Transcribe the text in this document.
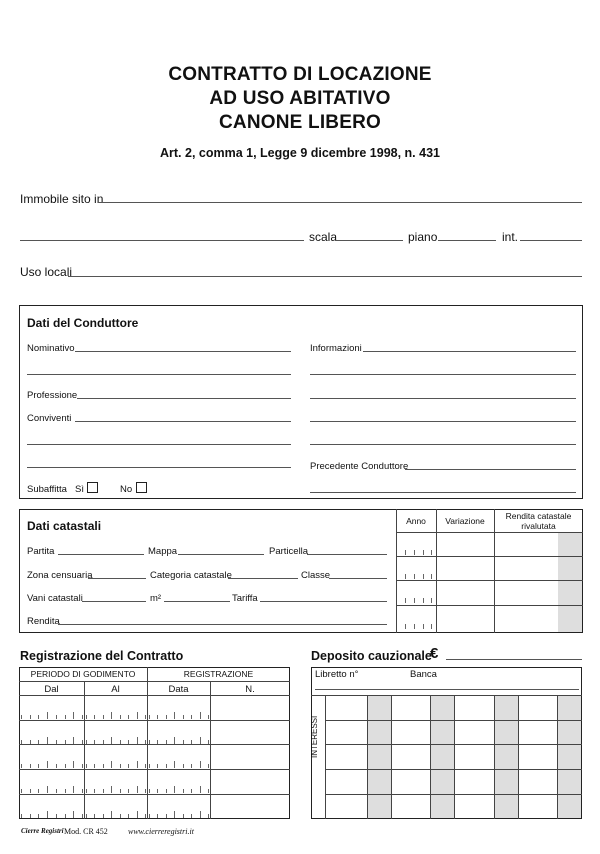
CONTRATTO DI LOCAZIONE
AD USO ABITATIVO
CANONE LIBERO
Art. 2, comma 1, Legge 9 dicembre 1998, n. 431
Immobile sito in
scala	piano	int.
Uso locali
Dati del Conduttore
Nominativo
Professione
Conviventi
Subaffitta Sì	No
Informazioni
Precedente Conduttore
Dati catastali	Anno	Variazione	Rendita catastale
rivalutata
Partita	Mappa	Particella
Zona censuaria	Categoria catastale	Classe
Vani catastali	m²	Tariffa
Rendita
Registrazione del Contratto
PERIODO DI GODIMENTO	REGISTRAZIONE
Dal	Al	Data	N.
Deposito cauzionale
€
Libretto n°	Banca
INTERESSI
Cierre Registri Mod. CR 452	www.cierreregistri.it
